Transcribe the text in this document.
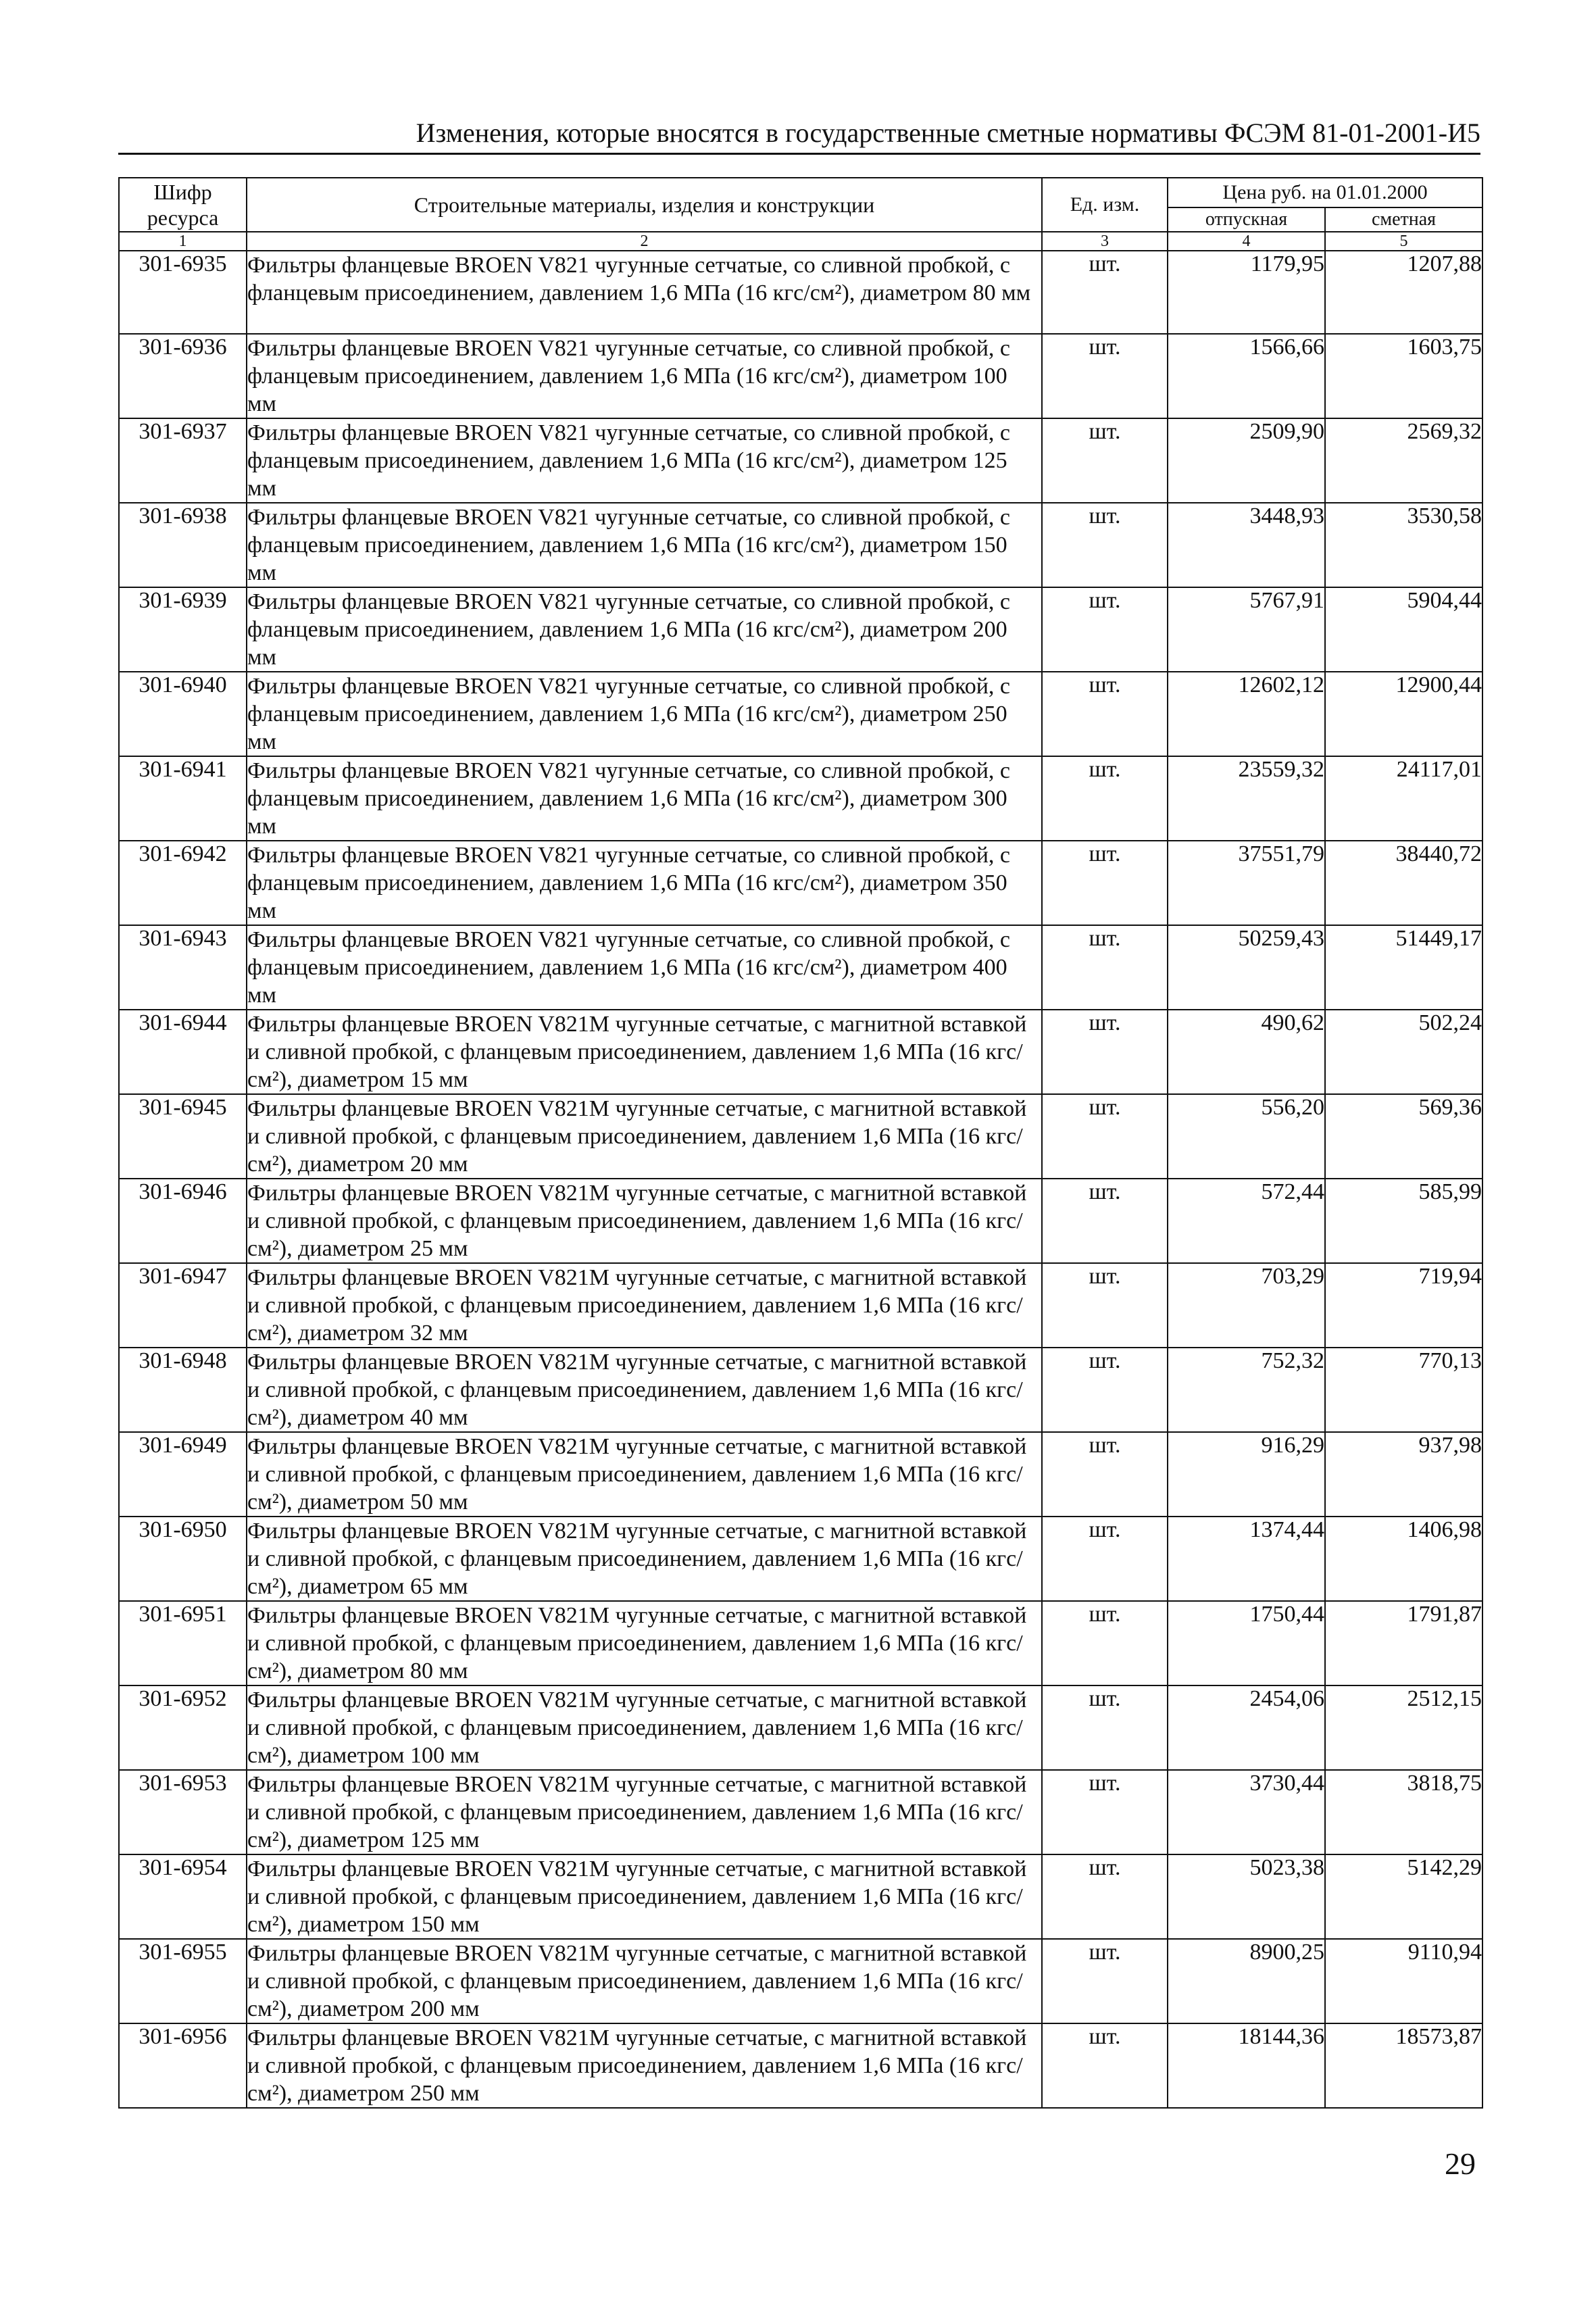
Изменения, которые вносятся в государственные сметные нормативы ФСЭМ 81-01-2001-И5
Шифр ресурса	Строительные материалы, изделия и конструкции	Ед. изм.	Цена руб. на 01.01.2000	
			отпускная	сметная
1	2	3	4	5
301-6935	Фильтры фланцевые BROEN V821 чугунные сетчатые, со сливной пробкой, с фланцевым присоединением, давлением 1,6 МПа (16 кгс/см²), диаметром 80 мм	шт.	1179,95	1207,88
301-6936	Фильтры фланцевые BROEN V821 чугунные сетчатые, со сливной пробкой, с фланцевым присоединением, давлением 1,6 МПа (16 кгс/см²), диаметром 100 мм	шт.	1566,66	1603,75
301-6937	Фильтры фланцевые BROEN V821 чугунные сетчатые, со сливной пробкой, с фланцевым присоединением, давлением 1,6 МПа (16 кгс/см²), диаметром 125 мм	шт.	2509,90	2569,32
301-6938	Фильтры фланцевые BROEN V821 чугунные сетчатые, со сливной пробкой, с фланцевым присоединением, давлением 1,6 МПа (16 кгс/см²), диаметром 150 мм	шт.	3448,93	3530,58
301-6939	Фильтры фланцевые BROEN V821 чугунные сетчатые, со сливной пробкой, с фланцевым присоединением, давлением 1,6 МПа (16 кгс/см²), диаметром 200 мм	шт.	5767,91	5904,44
301-6940	Фильтры фланцевые BROEN V821 чугунные сетчатые, со сливной пробкой, с фланцевым присоединением, давлением 1,6 МПа (16 кгс/см²), диаметром 250 мм	шт.	12602,12	12900,44
301-6941	Фильтры фланцевые BROEN V821 чугунные сетчатые, со сливной пробкой, с фланцевым присоединением, давлением 1,6 МПа (16 кгс/см²), диаметром 300 мм	шт.	23559,32	24117,01
301-6942	Фильтры фланцевые BROEN V821 чугунные сетчатые, со сливной пробкой, с фланцевым присоединением, давлением 1,6 МПа (16 кгс/см²), диаметром 350 мм	шт.	37551,79	38440,72
301-6943	Фильтры фланцевые BROEN V821 чугунные сетчатые, со сливной пробкой, с фланцевым присоединением, давлением 1,6 МПа (16 кгс/см²), диаметром 400 мм	шт.	50259,43	51449,17
301-6944	Фильтры фланцевые BROEN V821M чугунные сетчатые, с магнитной вставкой и сливной пробкой, с фланцевым присоединением, давлением 1,6 МПа (16 кгс/см²), диаметром 15 мм	шт.	490,62	502,24
301-6945	Фильтры фланцевые BROEN V821M чугунные сетчатые, с магнитной вставкой и сливной пробкой, с фланцевым присоединением, давлением 1,6 МПа (16 кгс/см²), диаметром 20 мм	шт.	556,20	569,36
301-6946	Фильтры фланцевые BROEN V821M чугунные сетчатые, с магнитной вставкой и сливной пробкой, с фланцевым присоединением, давлением 1,6 МПа (16 кгс/см²), диаметром 25 мм	шт.	572,44	585,99
301-6947	Фильтры фланцевые BROEN V821M чугунные сетчатые, с магнитной вставкой и сливной пробкой, с фланцевым присоединением, давлением 1,6 МПа (16 кгс/см²), диаметром 32 мм	шт.	703,29	719,94
301-6948	Фильтры фланцевые BROEN V821M чугунные сетчатые, с магнитной вставкой и сливной пробкой, с фланцевым присоединением, давлением 1,6 МПа (16 кгс/см²), диаметром 40 мм	шт.	752,32	770,13
301-6949	Фильтры фланцевые BROEN V821M чугунные сетчатые, с магнитной вставкой и сливной пробкой, с фланцевым присоединением, давлением 1,6 МПа (16 кгс/см²), диаметром 50 мм	шт.	916,29	937,98
301-6950	Фильтры фланцевые BROEN V821M чугунные сетчатые, с магнитной вставкой и сливной пробкой, с фланцевым присоединением, давлением 1,6 МПа (16 кгс/см²), диаметром 65 мм	шт.	1374,44	1406,98
301-6951	Фильтры фланцевые BROEN V821M чугунные сетчатые, с магнитной вставкой и сливной пробкой, с фланцевым присоединением, давлением 1,6 МПа (16 кгс/см²), диаметром 80 мм	шт.	1750,44	1791,87
301-6952	Фильтры фланцевые BROEN V821M чугунные сетчатые, с магнитной вставкой и сливной пробкой, с фланцевым присоединением, давлением 1,6 МПа (16 кгс/см²), диаметром 100 мм	шт.	2454,06	2512,15
301-6953	Фильтры фланцевые BROEN V821M чугунные сетчатые, с магнитной вставкой и сливной пробкой, с фланцевым присоединением, давлением 1,6 МПа (16 кгс/см²), диаметром 125 мм	шт.	3730,44	3818,75
301-6954	Фильтры фланцевые BROEN V821M чугунные сетчатые, с магнитной вставкой и сливной пробкой, с фланцевым присоединением, давлением 1,6 МПа (16 кгс/см²), диаметром 150 мм	шт.	5023,38	5142,29
301-6955	Фильтры фланцевые BROEN V821M чугунные сетчатые, с магнитной вставкой и сливной пробкой, с фланцевым присоединением, давлением 1,6 МПа (16 кгс/см²), диаметром 200 мм	шт.	8900,25	9110,94
301-6956	Фильтры фланцевые BROEN V821M чугунные сетчатые, с магнитной вставкой и сливной пробкой, с фланцевым присоединением, давлением 1,6 МПа (16 кгс/см²), диаметром 250 мм	шт.	18144,36	18573,87
29
